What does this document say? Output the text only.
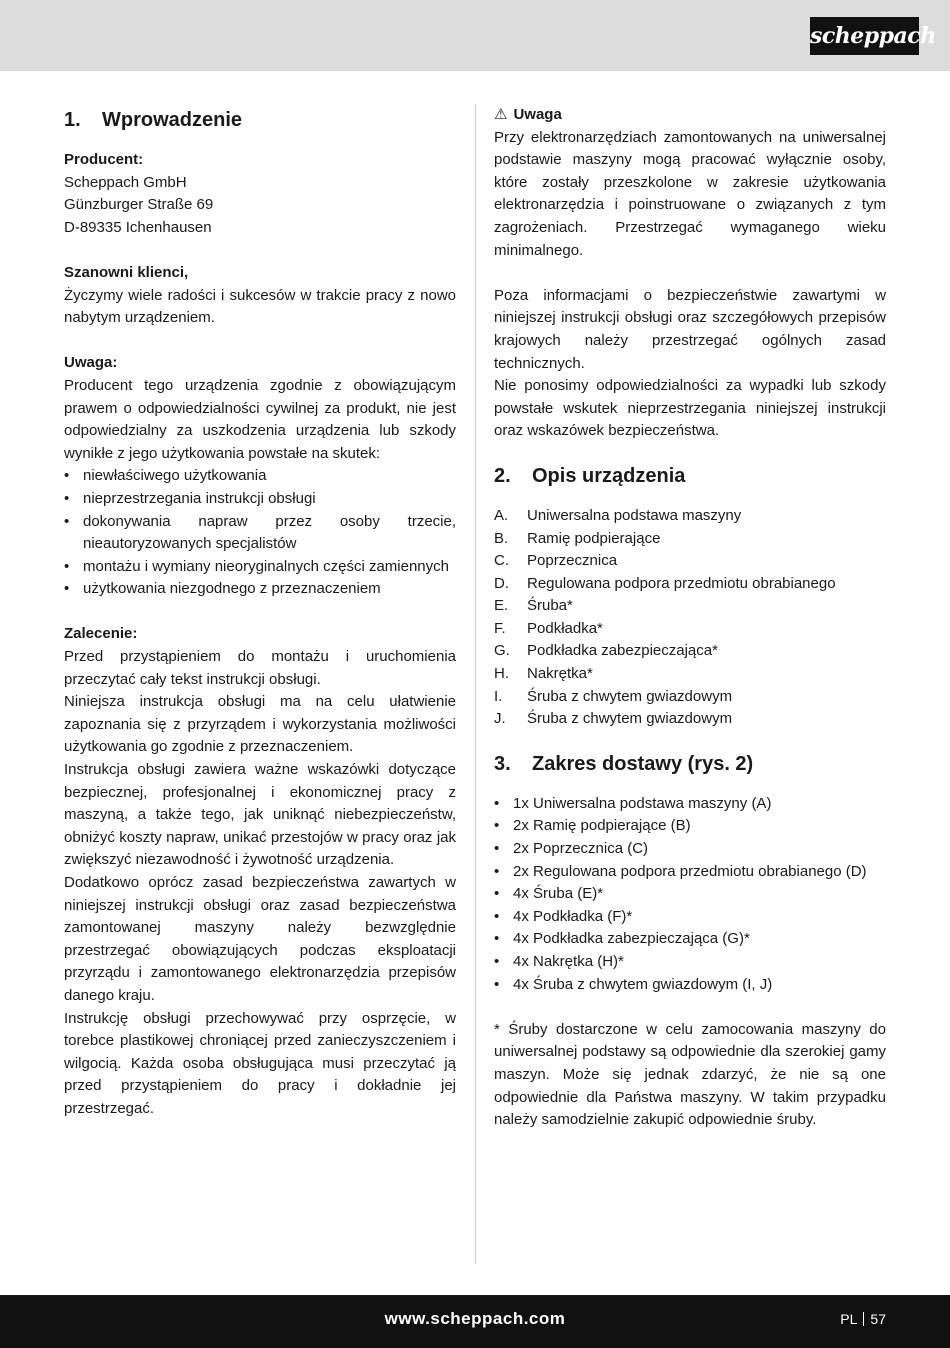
scheppach
1. Wprowadzenie

Producent:

Scheppach GmbH

Günzburger Straße 69

D-89335 Ichenhausen

Szanowni klienci,

Życzymy wiele radości i sukcesów w trakcie pracy z nowo nabytym urządzeniem.

Uwaga:

Producent tego urządzenia zgodnie z obowiązującym prawem o odpowiedzialności cywilnej za produkt, nie jest odpowiedzialny za uszkodzenia urządzenia lub szkody wynikłe z jego użytkowania powstałe na skutek:

• niewłaściwego użytkowania
• nieprzestrzegania instrukcji obsługi
• dokonywania napraw przez osoby trzecie, nieautoryzowanych specjalistów
• montażu i wymiany nieoryginalnych części zamiennych
• użytkowania niezgodnego z przeznaczeniem

Zalecenie:

Przed przystąpieniem do montażu i uruchomienia przeczytać cały tekst instrukcji obsługi.

Niniejsza instrukcja obsługi ma na celu ułatwienie zapoznania się z przyrządem i wykorzystania możliwości użytkowania go zgodnie z przeznaczeniem.

Instrukcja obsługi zawiera ważne wskazówki dotyczące bezpiecznej, profesjonalnej i ekonomicznej pracy z maszyną, a także tego, jak uniknąć niebezpieczeństw, obniżyć koszty napraw, unikać przestojów w pracy oraz jak zwiększyć niezawodność i żywotność urządzenia.

Dodatkowo oprócz zasad bezpieczeństwa zawartych w niniejszej instrukcji obsługi oraz zasad bezpieczeństwa zamontowanej maszyny należy bezwzględnie przestrzegać obowiązujących podczas eksploatacji przyrządu i zamontowanego elektronarzędzia przepisów danego kraju.

Instrukcję obsługi przechowywać przy osprzęcie, w torebce plastikowej chroniącej przed zanieczyszczeniem i wilgocią. Każda osoba obsługująca musi przeczytać ją przed przystąpieniem do pracy i dokładnie jej przestrzegać.

⚠ Uwaga

Przy elektronarzędziach zamontowanych na uniwersalnej podstawie maszyny mogą pracować wyłącznie osoby, które zostały przeszkolone w zakresie użytkowania elektronarzędzia i poinstruowane o związanych z tym zagrożeniach. Przestrzegać wymaganego wieku minimalnego.

Poza informacjami o bezpieczeństwie zawartymi w niniejszej instrukcji obsługi oraz szczegółowych przepisów krajowych należy przestrzegać ogólnych zasad technicznych.

Nie ponosimy odpowiedzialności za wypadki lub szkody powstałe wskutek nieprzestrzegania niniejszej instrukcji oraz wskazówek bezpieczeństwa.

2. Opis urządzenia
A.	Uniwersalna podstawa maszyny
B.	Ramię podpierające
C.	Poprzecznica
D.	Regulowana podpora przedmiotu obrabianego
E.	Śruba*
F.	Podkładka*
G.	Podkładka zabezpieczająca*
H.	Nakrętka*
I.	Śruba z chwytem gwiazdowym
J.	Śruba z chwytem gwiazdowym
3. Zakres dostawy (rys. 2)
• 1x Uniwersalna podstawa maszyny (A)
• 2x Ramię podpierające (B)
• 2x Poprzecznica (C)
• 2x Regulowana podpora przedmiotu obrabianego (D)
• 4x Śruba (E)*
• 4x Podkładka (F)*
• 4x Podkładka zabezpieczająca (G)*
• 4x Nakrętka (H)*
• 4x Śruba z chwytem gwiazdowym (I, J)

* Śruby dostarczone w celu zamocowania maszyny do uniwersalnej podstawy są odpowiednie dla szerokiej gamy maszyn. Może się jednak zdarzyć, że nie są one odpowiednie dla Państwa maszyny. W takim przypadku należy samodzielnie zakupić odpowiednie śruby.

www.scheppach.com	PL 57
